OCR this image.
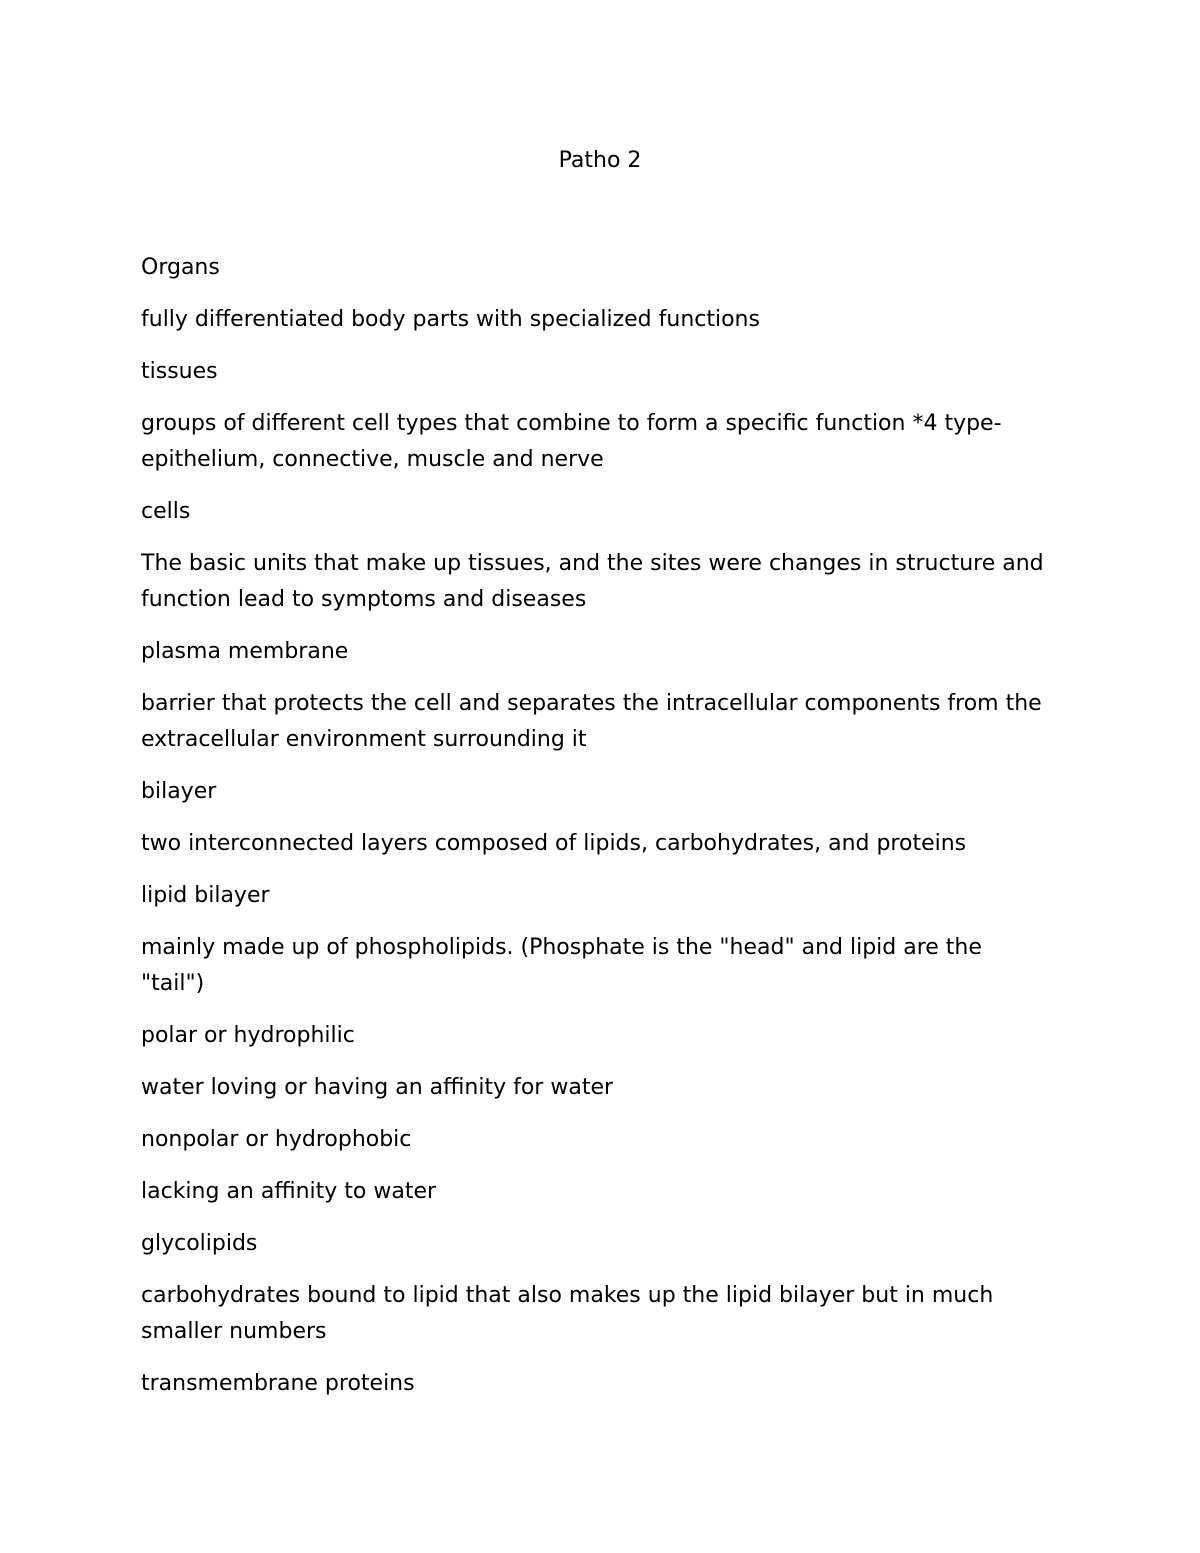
Patho 2

Organs

fully differentiated body parts with specialized functions

tissues

groups of different cell types that combine to form a specific function *4 type-
epithelium, connective, muscle and nerve

cells

The basic units that make up tissues, and the sites were changes in structure and
function lead to symptoms and diseases

plasma membrane

barrier that protects the cell and separates the intracellular components from the
extracellular environment surrounding it

bilayer

two interconnected layers composed of lipids, carbohydrates, and proteins

lipid bilayer

mainly made up of phospholipids. (Phosphate is the "head" and lipid are the
"tail")

polar or hydrophilic

water loving or having an affinity for water

nonpolar or hydrophobic

lacking an affinity to water

glycolipids

carbohydrates bound to lipid that also makes up the lipid bilayer but in much
smaller numbers

transmembrane proteins
